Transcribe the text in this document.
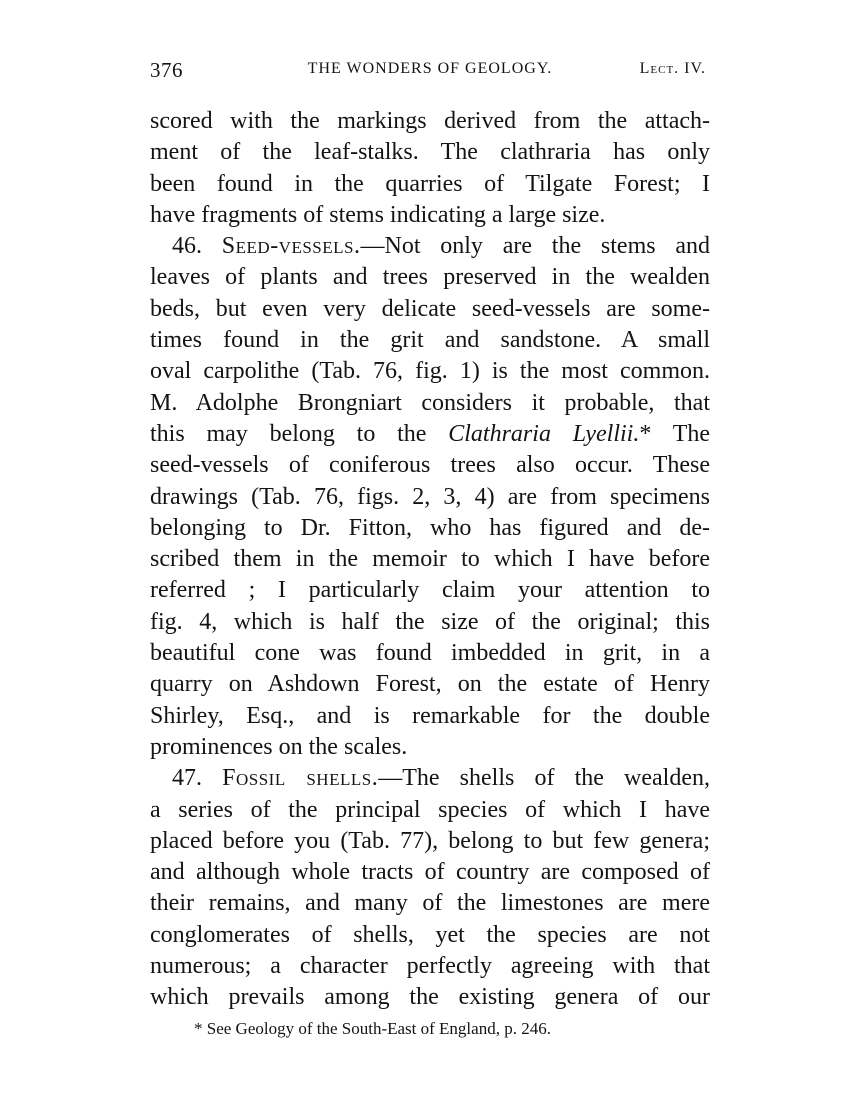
376	THE WONDERS OF GEOLOGY.	Lect. IV.
scored with the markings derived from the attach-
ment of the leaf-stalks. The clathraria has only
been found in the quarries of Tilgate Forest; I
have fragments of stems indicating a large size.
46. Seed-vessels.—Not only are the stems and
leaves of plants and trees preserved in the wealden
beds, but even very delicate seed-vessels are some-
times found in the grit and sandstone. A small
oval carpolithe (Tab. 76, fig. 1) is the most common.
M. Adolphe Brongniart considers it probable, that
this may belong to the Clathraria Lyellii.* The
seed-vessels of coniferous trees also occur. These
drawings (Tab. 76, figs. 2, 3, 4) are from specimens
belonging to Dr. Fitton, who has figured and de-
scribed them in the memoir to which I have before
referred ; I particularly claim your attention to
fig. 4, which is half the size of the original; this
beautiful cone was found imbedded in grit, in a
quarry on Ashdown Forest, on the estate of Henry
Shirley, Esq., and is remarkable for the double
prominences on the scales.
47. Fossil shells.—The shells of the wealden,
a series of the principal species of which I have
placed before you (Tab. 77), belong to but few genera;
and although whole tracts of country are composed of
their remains, and many of the limestones are mere
conglomerates of shells, yet the species are not
numerous; a character perfectly agreeing with that
which prevails among the existing genera of our
* See Geology of the South-East of England, p. 246.
